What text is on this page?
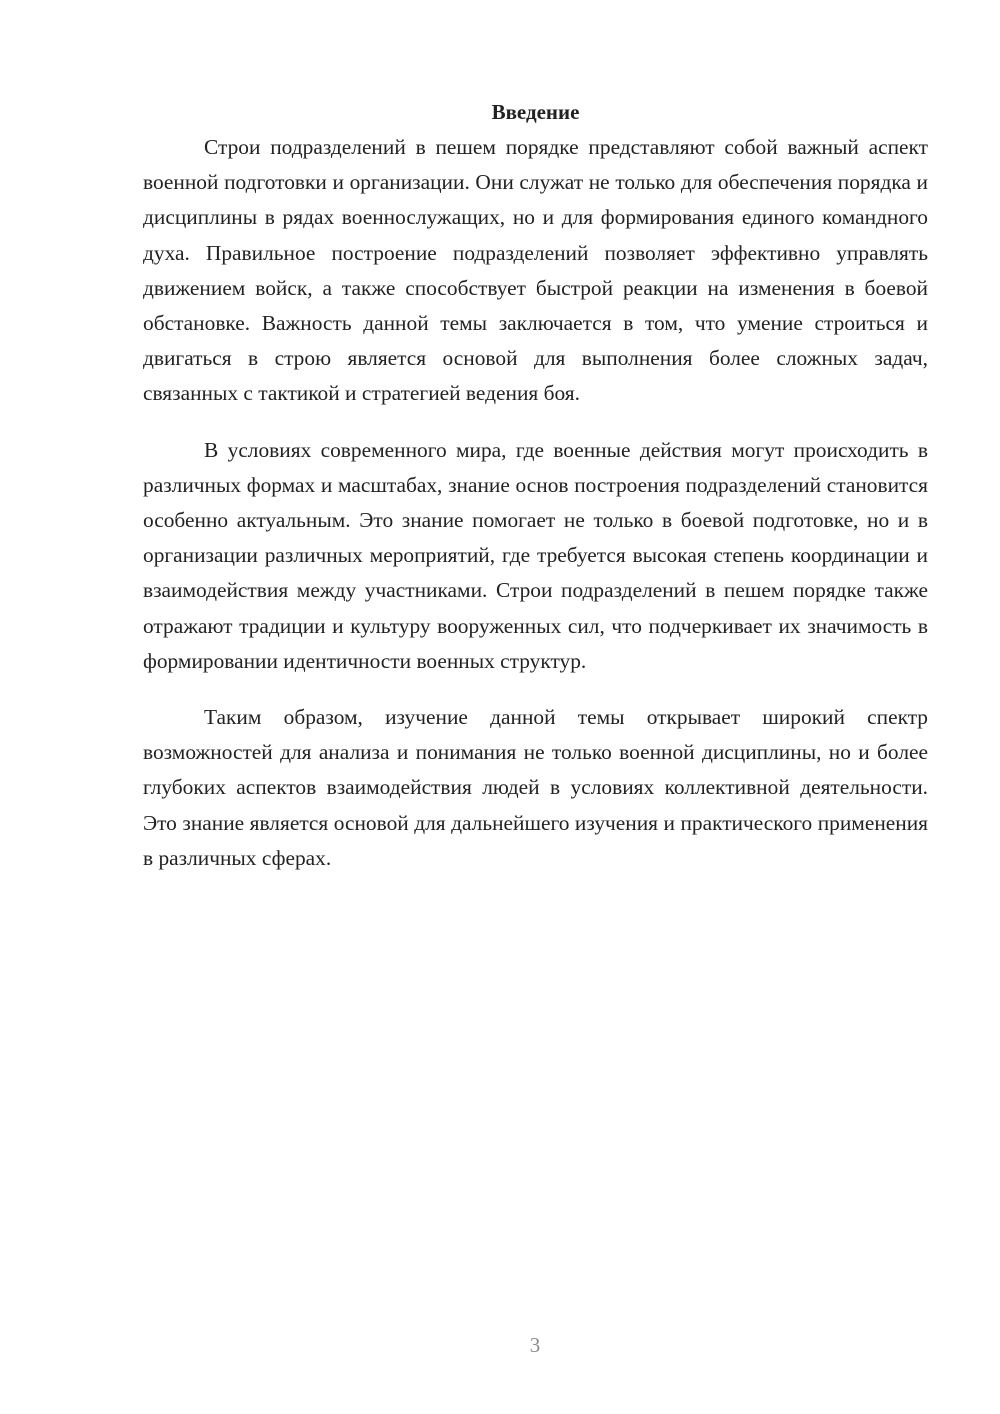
Введение

Строи подразделений в пешем порядке представляют собой важный аспект военной подготовки и организации. Они служат не только для обеспечения порядка и дисциплины в рядах военнослужащих, но и для формирования единого командного духа. Правильное построение подразделений позволяет эффективно управлять движением войск, а также способствует быстрой реакции на изменения в боевой обстановке. Важность данной темы заключается в том, что умение строиться и двигаться в строю является основой для выполнения более сложных задач, связанных с тактикой и стратегией ведения боя.

В условиях современного мира, где военные действия могут происходить в различных формах и масштабах, знание основ построения подразделений становится особенно актуальным. Это знание помогает не только в боевой подготовке, но и в организации различных мероприятий, где требуется высокая степень координации и взаимодействия между участниками. Строи подразделений в пешем порядке также отражают традиции и культуру вооруженных сил, что подчеркивает их значимость в формировании идентичности военных структур.

Таким образом, изучение данной темы открывает широкий спектр возможностей для анализа и понимания не только военной дисциплины, но и более глубоких аспектов взаимодействия людей в условиях коллективной деятельности. Это знание является основой для дальнейшего изучения и практического применения в различных сферах.

3
